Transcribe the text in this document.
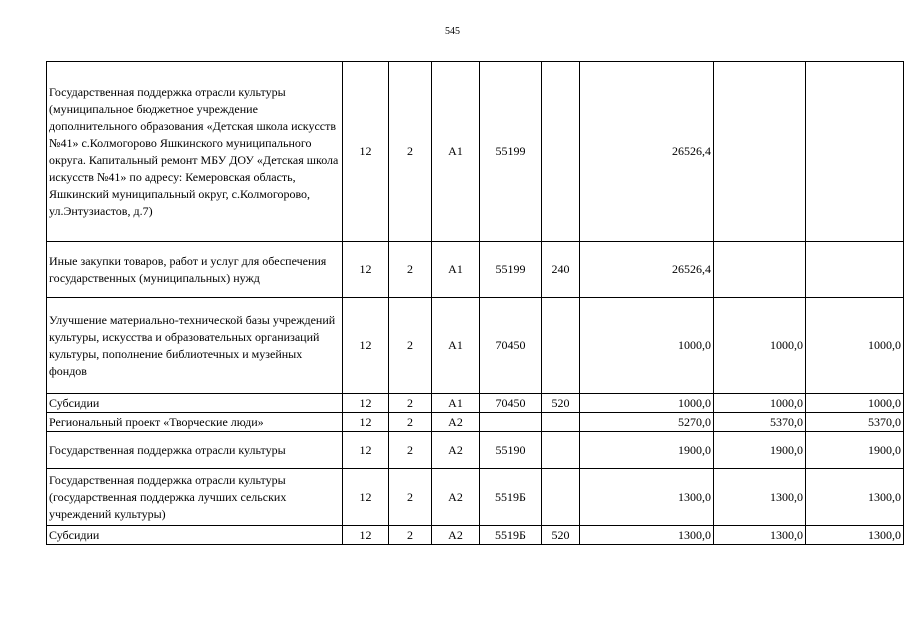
545
Государственная поддержка отрасли культуры (муниципальное бюджетное учреждение дополнительного образования «Детская школа искусств №41» с.Колмогорово Яшкинского муниципального округа. Капитальный ремонт МБУ ДОУ «Детская школа искусств №41» по адресу: Кемеровская область, Яшкинский муниципальный округ, с.Колмогорово, ул.Энтузиастов, д.7)	12	2	А1	55199		26526,4		
Иные закупки товаров, работ и услуг для обеспечения государственных (муниципальных) нужд	12	2	А1	55199	240	26526,4		
Улучшение материально-технической базы учреждений культуры, искусства и образовательных организаций культуры, пополнение библиотечных и музейных фондов	12	2	А1	70450		1000,0	1000,0	1000,0
Субсидии	12	2	А1	70450	520	1000,0	1000,0	1000,0
Региональный проект «Творческие люди»	12	2	А2			5270,0	5370,0	5370,0
Государственная поддержка отрасли культуры	12	2	А2	55190		1900,0	1900,0	1900,0
Государственная поддержка отрасли культуры (государственная поддержка лучших сельских учреждений культуры)	12	2	А2	5519Б		1300,0	1300,0	1300,0
Субсидии	12	2	А2	5519Б	520	1300,0	1300,0	1300,0
